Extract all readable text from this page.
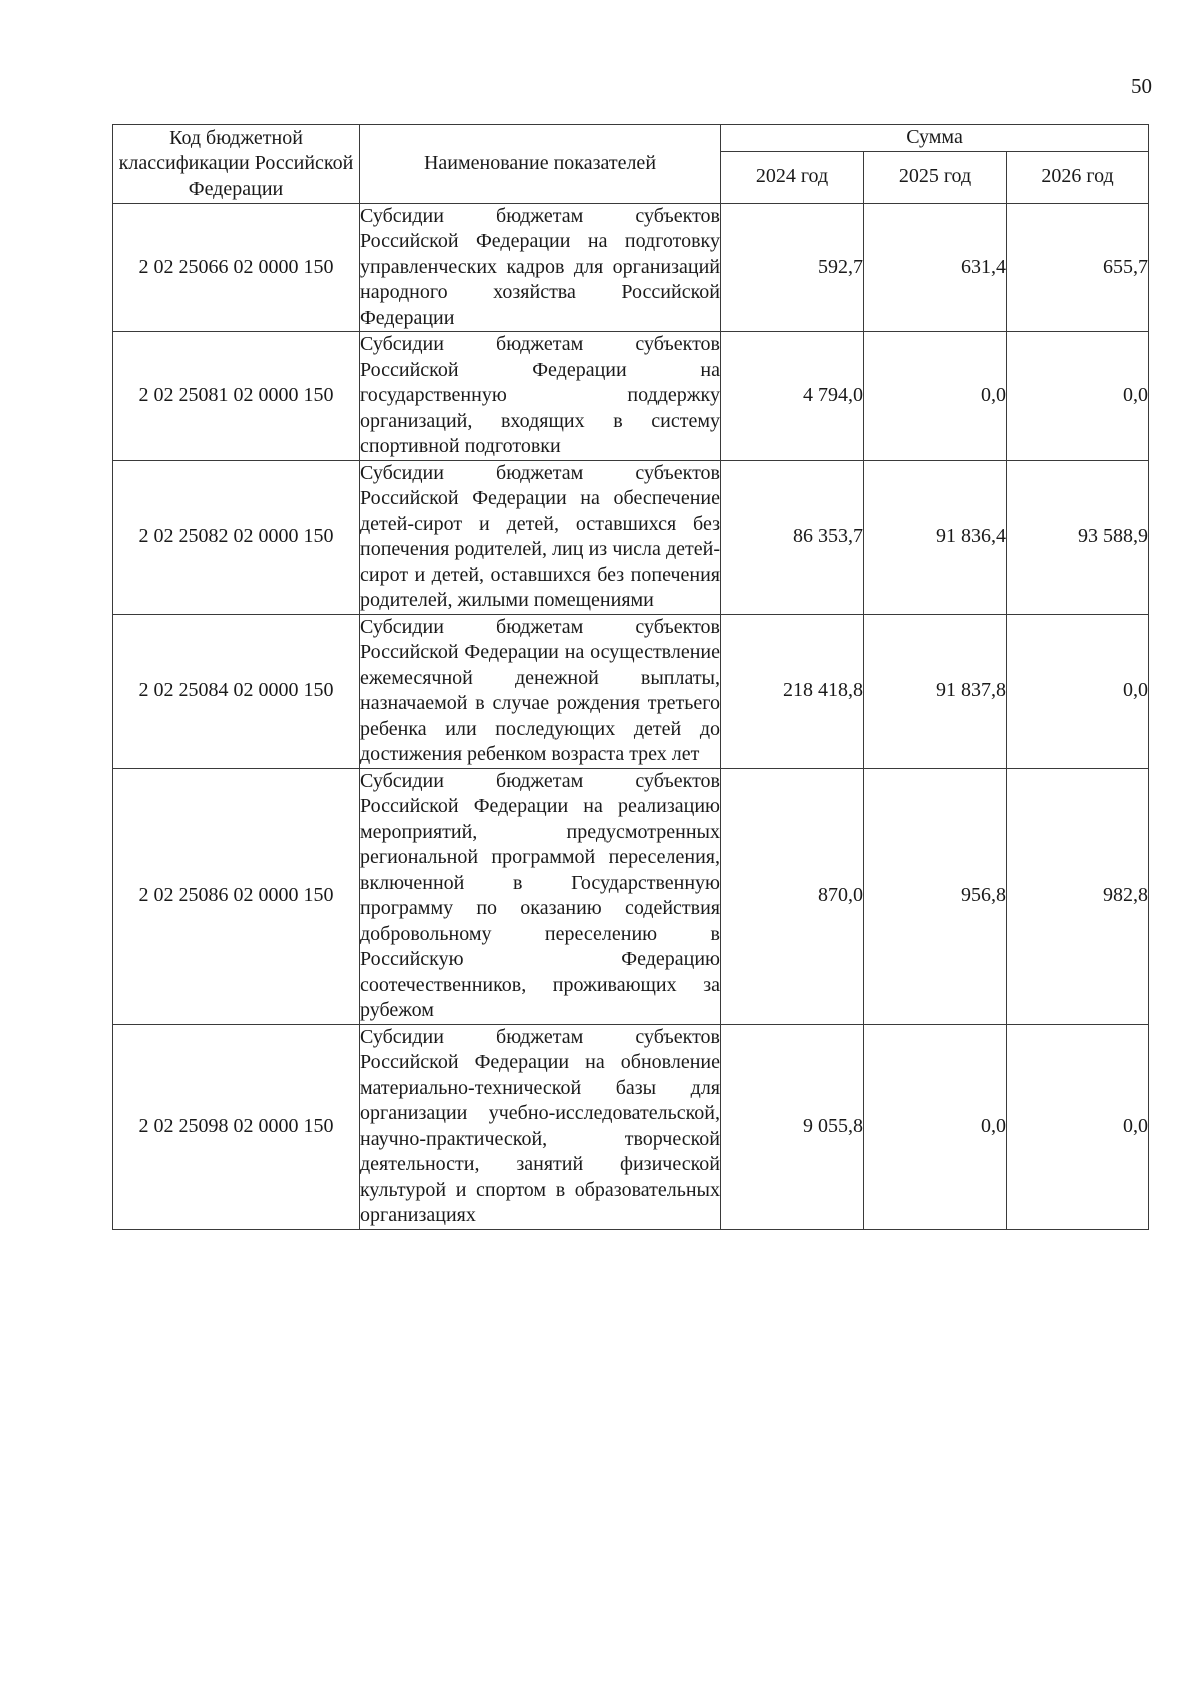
50
Код бюджетной классификации Российской Федерации	Наименование показателей	Сумма		
		2024 год	2025 год	2026 год
2 02 25066 02 0000 150	Субсидии бюджетам субъектов Российской Федерации на подготовку управленческих кадров для организаций народного хозяйства Российской Федерации	592,7	631,4	655,7
2 02 25081 02 0000 150	Субсидии бюджетам субъектов Российской Федерации на государственную поддержку организаций, входящих в систему спортивной подготовки	4 794,0	0,0	0,0
2 02 25082 02 0000 150	Субсидии бюджетам субъектов Российской Федерации на обеспечение детей-сирот и детей, оставшихся без попечения родителей, лиц из числа детей-сирот и детей, оставшихся без попечения родителей, жилыми помещениями	86 353,7	91 836,4	93 588,9
2 02 25084 02 0000 150	Субсидии бюджетам субъектов Российской Федерации на осуществление ежемесячной денежной выплаты, назначаемой в случае рождения третьего ребенка или последующих детей до достижения ребенком возраста трех лет	218 418,8	91 837,8	0,0
2 02 25086 02 0000 150	Субсидии бюджетам субъектов Российской Федерации на реализацию мероприятий, предусмотренных региональной программой переселения, включенной в Государственную программу по оказанию содействия добровольному переселению в Российскую Федерацию соотечественников, проживающих за рубежом	870,0	956,8	982,8
2 02 25098 02 0000 150	Субсидии бюджетам субъектов Российской Федерации на обновление материально-технической базы для организации учебно-исследовательской, научно-практической, творческой деятельности, занятий физической культурой и спортом в образовательных организациях	9 055,8	0,0	0,0
